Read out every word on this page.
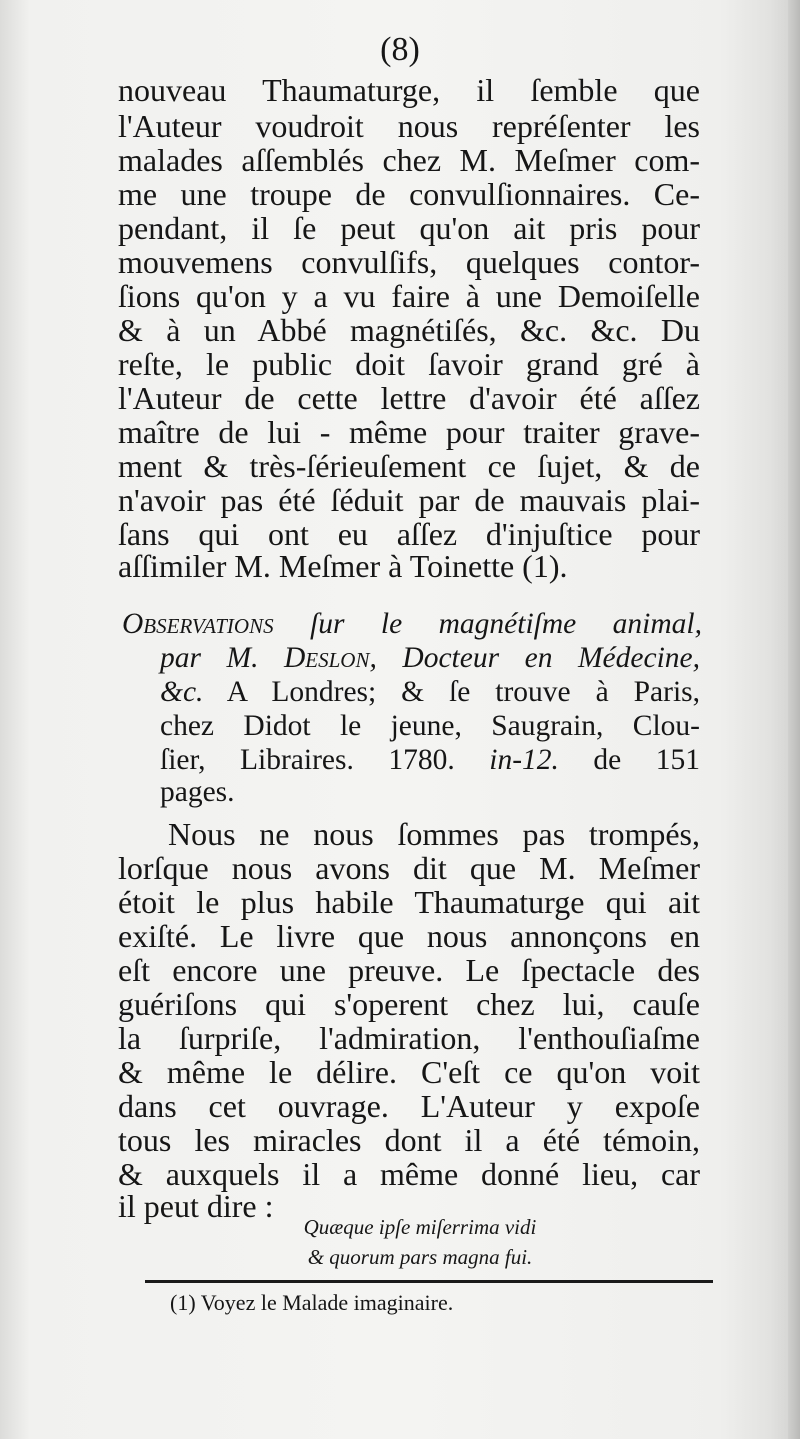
(8)
nouveau Thaumaturge, il ſemble que
l'Auteur voudroit nous repréſenter les
malades aſſemblés chez M. Meſmer com-
me une troupe de convulſionnaires. Ce-
pendant, il ſe peut qu'on ait pris pour
mouvemens convulſifs, quelques contor-
ſions qu'on y a vu faire à une Demoiſelle
& à un Abbé magnétiſés, &c. &c. Du
reſte, le public doit ſavoir grand gré à
l'Auteur de cette lettre d'avoir été aſſez
maître de lui - même pour traiter grave-
ment & très-ſérieuſement ce ſujet, & de
n'avoir pas été ſéduit par de mauvais plai-
ſans qui ont eu aſſez d'injuſtice pour
aſſimiler M. Meſmer à Toinette (1).
Observations ſur le magnétiſme animal,
par M. Deslon, Docteur en Médecine,
&c. A Londres; & ſe trouve à Paris,
chez Didot le jeune, Saugrain, Clou-
ſier, Libraires. 1780. in-12. de 151
pages.
Nous ne nous ſommes pas trompés,
lorſque nous avons dit que M. Meſmer
étoit le plus habile Thaumaturge qui ait
exiſté. Le livre que nous annonçons en
eſt encore une preuve. Le ſpectacle des
guériſons qui s'operent chez lui, cauſe
la ſurpriſe, l'admiration, l'enthouſiaſme
& même le délire. C'eſt ce qu'on voit
dans cet ouvrage. L'Auteur y expoſe
tous les miracles dont il a été témoin,
& auxquels il a même donné lieu, car
il peut dire :
Quæque ipſe miſerrima vidi
& quorum pars magna fui.
(1) Voyez le Malade imaginaire.
